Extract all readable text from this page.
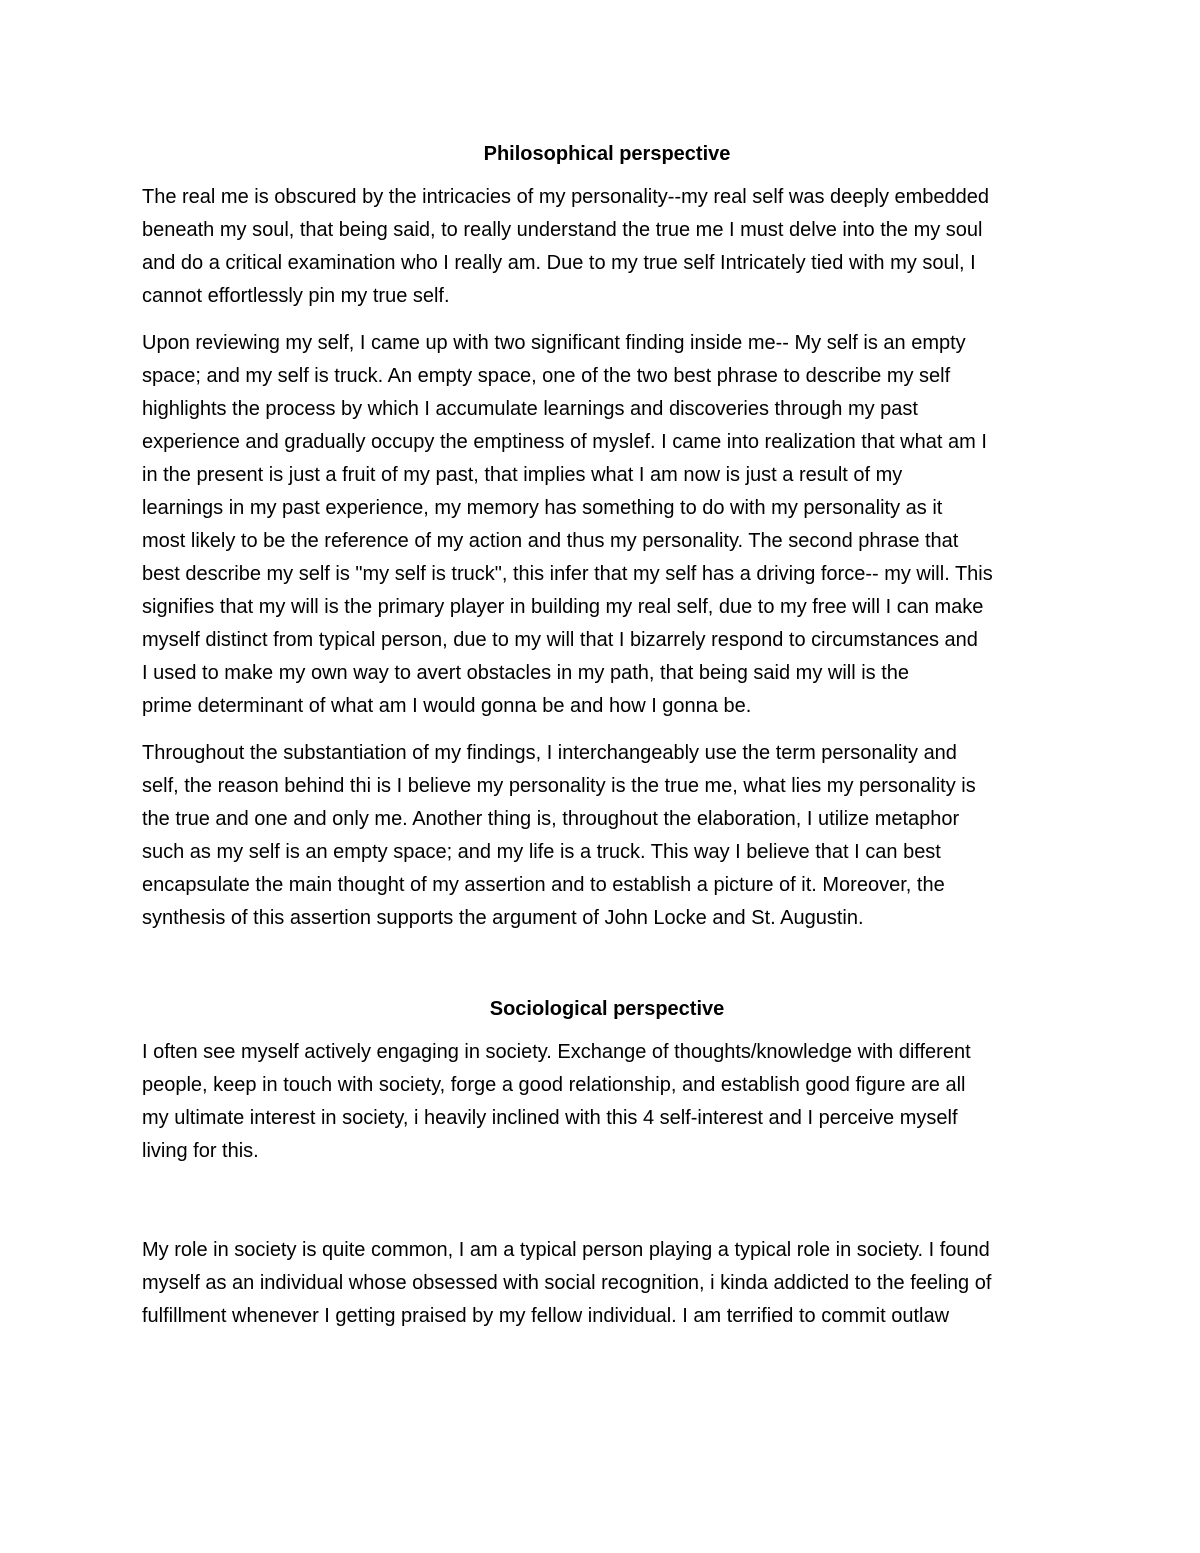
Philosophical perspective
The real me is obscured by the intricacies of my personality--my real self was deeply embedded
beneath my soul, that being said, to really understand the true me I must delve into the my soul
and do a critical examination who I really am. Due to my true self Intricately tied with my soul, I
cannot effortlessly pin my true self.
Upon reviewing my self, I came up with two significant finding inside me-- My self is an empty
space; and my self is truck. An empty space, one of the two best phrase to describe my self
highlights the process by which I accumulate learnings and discoveries through my past
experience and gradually occupy the emptiness of myslef. I came into realization that what am I
in the present is just a fruit of my past, that implies what I am now is just a result of my
learnings in my past experience, my memory has something to do with my personality as it
most likely to be the reference of my action and thus my personality. The second phrase that
best describe my self is "my self is truck", this infer that my self has a driving force-- my will. This
signifies that my will is the primary player in building my real self, due to my free will I can make
myself distinct from typical person, due to my will that I bizarrely respond to circumstances and
I used to make my own way to avert obstacles in my path, that being said my will is the
prime determinant of what am I would gonna be and how I gonna be.
Throughout the substantiation of my findings, I interchangeably use the term personality and
self, the reason behind thi is I believe my personality is the true me, what lies my personality is
the true and one and only me. Another thing is, throughout the elaboration, I utilize metaphor
such as my self is an empty space; and my life is a truck. This way I believe that I can best
encapsulate the main thought of my assertion and to establish a picture of it. Moreover, the
synthesis of this assertion supports the argument of John Locke and St. Augustin.
Sociological perspective
I often see myself actively engaging in society. Exchange of thoughts/knowledge with different
people, keep in touch with society, forge a good relationship, and establish good figure are all
my ultimate interest in society, i heavily inclined with this 4 self-interest and I perceive myself
living for this.
My role in society is quite common, I am a typical person playing a typical role in society. I found
myself as an individual whose obsessed with social recognition, i kinda addicted to the feeling of
fulfillment whenever I getting praised by my fellow individual. I am terrified to commit outlaw
